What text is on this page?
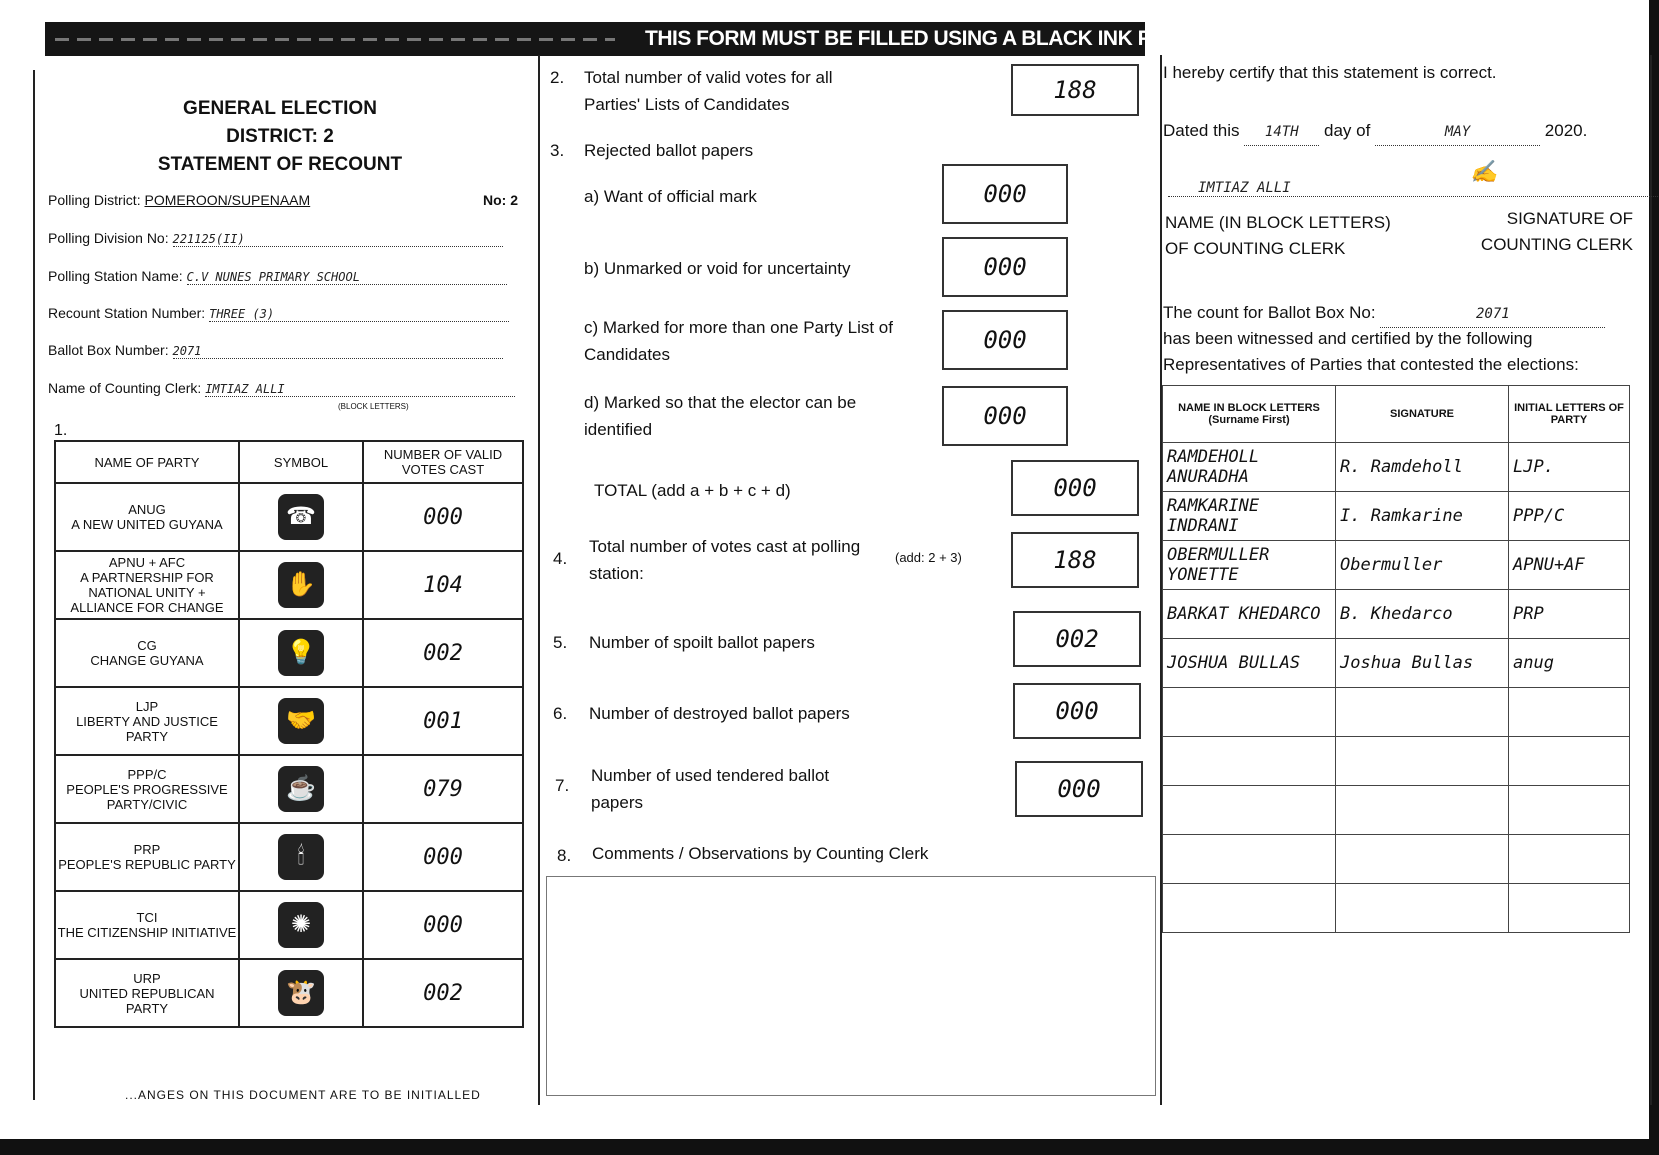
THIS FORM MUST BE FILLED USING A BLACK INK PEN
GENERAL ELECTION
DISTRICT: 2
STATEMENT OF RECOUNT
Polling District: POMEROON/SUPENAAM	No: 2
Polling Division No: 221125(II)
Polling Station Name: C.V NUNES PRIMARY SCHOOL
Recount Station Number: THREE (3)
Ballot Box Number: 2071
Name of Counting Clerk: IMTIAZ ALLI
(BLOCK LETTERS)
1.
NAME OF PARTY	SYMBOL	NUMBER OF VALID VOTES CAST

ANUG
A NEW UNITED GUYANA	☎	000

APNU + AFC
A PARTNERSHIP FOR NATIONAL UNITY + ALLIANCE FOR CHANGE	✋	104

CG
CHANGE GUYANA	💡	002

LJP
LIBERTY AND JUSTICE PARTY	🤝	001

PPP/C
PEOPLE'S PROGRESSIVE PARTY/CIVIC	☕	079

PRP
PEOPLE'S REPUBLIC PARTY	🕯	000

TCI
THE CITIZENSHIP INITIATIVE	✺	000

URP
UNITED REPUBLICAN PARTY	🐮	002
...ANGES ON THIS DOCUMENT ARE TO BE INITIALLED
2. Total number of valid votes for all Parties' Lists of Candidates
188
3. Rejected ballot papers
a) Want of official mark	000
b) Unmarked or void for uncertainty	000
c) Marked for more than one Party List of Candidates
000
d) Marked so that the elector can be identified	000
TOTAL (add a + b + c + d)	000
4.
Total number of votes cast at polling station:
(add: 2 + 3)	188
5. Number of spoilt ballot papers	002
6. Number of destroyed ballot papers	000
7.
Number of used tendered ballot papers	000
8. Comments / Observations by Counting Clerk
I hereby certify that this statement is correct.
Dated this 14TH day of	MAY	2020.
IMTIAZ ALLI
✍
NAME (IN BLOCK LETTERS) OF COUNTING CLERK
SIGNATURE OF COUNTING CLERK
The count for Ballot Box No:	2071
has been witnessed and certified by the following Representatives of Parties that contested the elections:
NAME IN BLOCK LETTERS (Surname First)	SIGNATURE	INITIAL LETTERS OF PARTY
RAMDEHOLL ANURADHA	R. Ramdeholl	LJP.
RAMKARINE INDRANI	I. Ramkarine	PPP/C
OBERMULLER YONETTE	Obermuller	APNU+AF
BARKAT KHEDARCO	B. Khedarco	PRP
JOSHUA BULLAS	Joshua Bullas	anug
